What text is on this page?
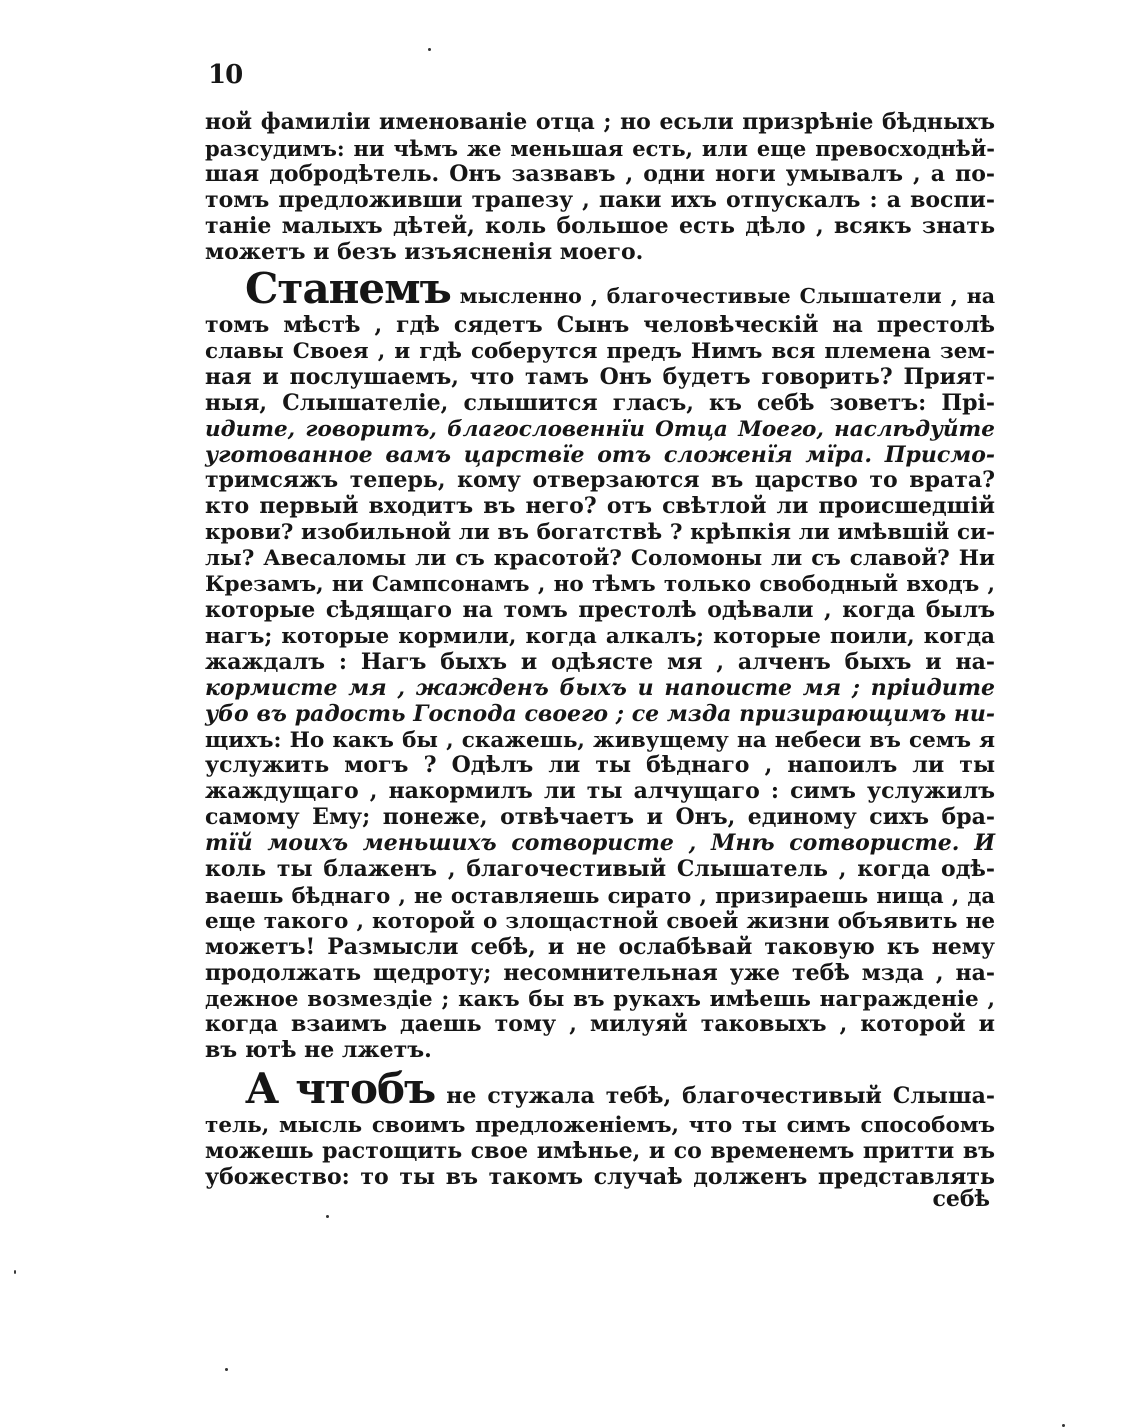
10
ной фамиліи именованіе отца ; но есьли призрѣніе бѣдныхъ
разсудимъ: ни чѣмъ же меньшая есть, или еще превосходнѣй-
шая добродѣтель. Онъ зазвавъ , одни ноги умывалъ , а по-
томъ предложивши трапезу , паки ихъ отпускалъ : а воспи-
таніе малыхъ дѣтей, коль большое есть дѣло , всякъ знать
можетъ и безъ изъясненія моего.
Станемъ мысленно , благочестивые Слышатели , на
томъ мѣстѣ , гдѣ сядетъ Сынъ человѣческій на престолѣ
славы Своея , и гдѣ соберутся предъ Нимъ вся племена зем-
ная и послушаемъ, что тамъ Онъ будетъ говорить? Прият-
ныя, Слышателіе, слышится гласъ, къ себѣ зоветъ: Прі-
идите, говоритъ, благословеннїи Отца Моего, наслѣдуйте
уготованное вамъ царствїе отъ сложенїя мїра. Присмо-
тримсяжъ теперь, кому отверзаются въ царство то врата?
кто первый входитъ въ него? отъ свѣтлой ли происшедшій
крови? изобильной ли въ богатствѣ ? крѣпкія ли имѣвшій си-
лы? Авесаломы ли съ красотой? Соломоны ли съ славой? Ни
Крезамъ, ни Сампсонамъ , но тѣмъ только свободный входъ ,
которые сѣдящаго на томъ престолѣ одѣвали , когда былъ
нагъ; которые кормили, когда алкалъ; которые поили, когда
жаждалъ : Нагъ быхъ и одѣясте мя , алченъ быхъ и на-
кормисте мя , жажденъ быхъ и напоисте мя ; пріидите
убо въ радость Господа своего ; се мзда призирающимъ ни-
щихъ: Но какъ бы , скажешь, живущему на небеси въ семъ я
услужить могъ ? Одѣлъ ли ты бѣднаго , напоилъ ли ты
жаждущаго , накормилъ ли ты алчущаго : симъ услужилъ
самому Ему; понеже, отвѣчаетъ и Онъ, единому сихъ бра-
тїй моихъ меньшихъ сотвористе , Мнѣ сотвористе. И
коль ты блаженъ , благочестивый Слышатель , когда одѣ-
ваешь бѣднаго , не оставляешь сирато , призираешь нища , да
еще такого , которой о злощастной своей жизни объявить не
можетъ! Размысли себѣ, и не ослабѣвай таковую къ нему
продолжать щедроту; несомнительная уже тебѣ мзда , на-
дежное возмездіе ; какъ бы въ рукахъ имѣешь награжденіе ,
когда взаимъ даешь тому , милуяй таковыхъ , которой и
въ ютѣ не лжетъ.
А чтобъ не стужала тебѣ, благочестивый Слыша-
тель, мысль своимъ предложеніемъ, что ты симъ способомъ
можешь растощить свое имѣнье, и со временемъ притти въ
убожество: то ты въ такомъ случаѣ долженъ представлять
себѣ
